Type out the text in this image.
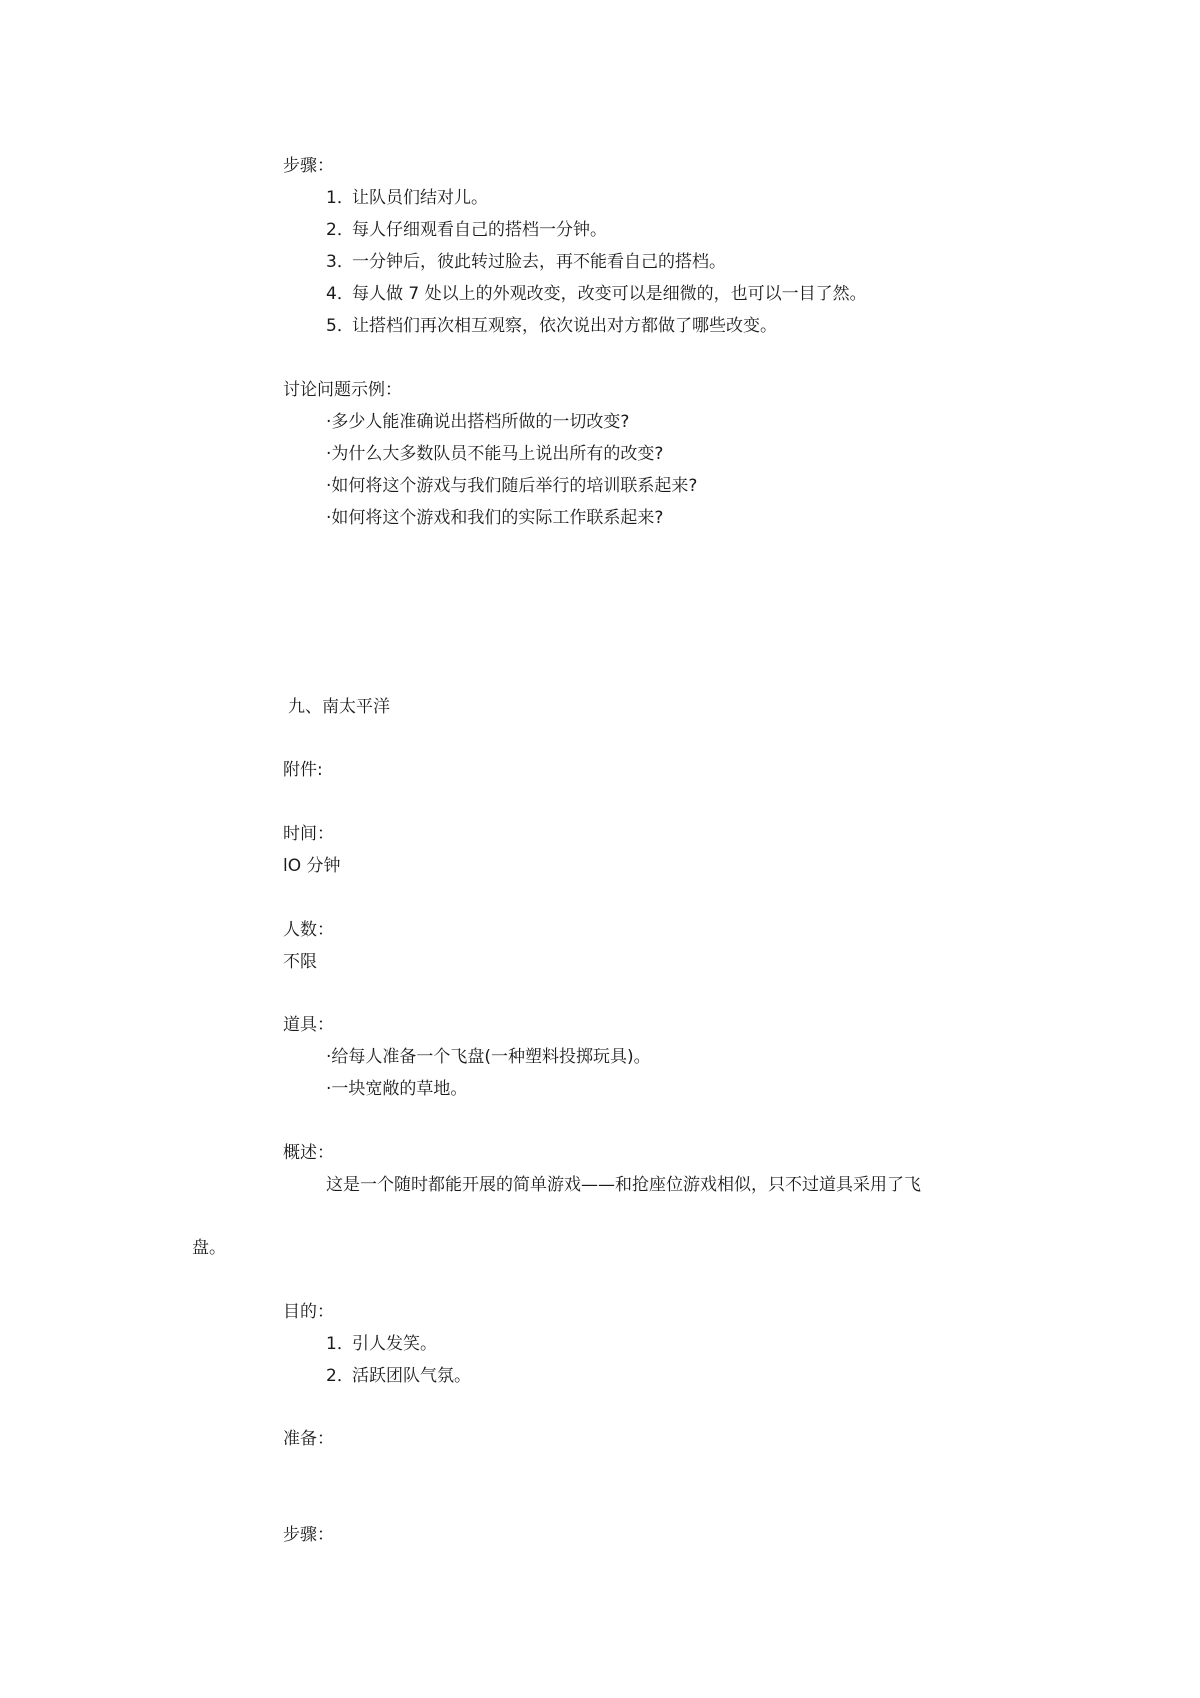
步骤：
1．让队员们结对儿。
2．每人仔细观看自己的搭档一分钟。
3．一分钟后，彼此转过脸去，再不能看自己的搭档。
4．每人做 7 处以上的外观改变，改变可以是细微的，也可以一目了然。
5．让搭档们再次相互观察，依次说出对方都做了哪些改变。
讨论问题示例：
·多少人能准确说出搭档所做的一切改变?
·为什么大多数队员不能马上说出所有的改变?
·如何将这个游戏与我们随后举行的培训联系起来?
·如何将这个游戏和我们的实际工作联系起来?
九、南太平洋
附件:
时间：
lO 分钟
人数：
不限
道具：
·给每人准备一个飞盘(一种塑料投掷玩具)。
·一块宽敞的草地。
概述：
这是一个随时都能开展的简单游戏——和抢座位游戏相似，只不过道具采用了飞
盘。
目的：
1．引人发笑。
2．活跃团队气氛。
准备：
步骤：
